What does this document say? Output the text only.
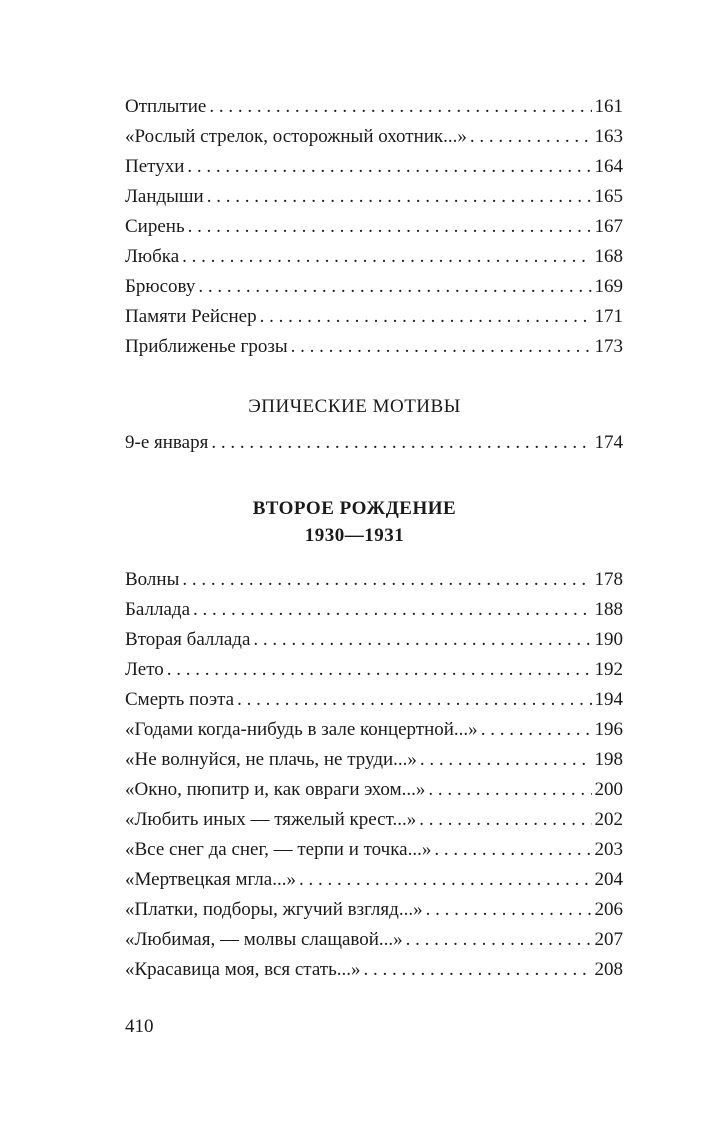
Отплытие . . .	161
«Рослый стрелок, осторожный охотник...» . . .	163
Петухи . . .	164
Ландыши . . .	165
Сирень . . .	167
Любка . . .	168
Брюсову . . .	169
Памяти Рейснер . . .	171
Приближенье грозы . . .	173
ЭПИЧЕСКИЕ МОТИВЫ
9-е января . . .	174
ВТОРОЕ РОЖДЕНИЕ
1930—1931
Волны . . .	178
Баллада . . .	188
Вторая баллада . . .	190
Лето . . .	192
Смерть поэта . . .	194
«Годами когда-нибудь в зале концертной...» . . .	196
«Не волнуйся, не плачь, не труди...» . . .	198
«Окно, пюпитр и, как овраги эхом...» . . .	200
«Любить иных — тяжелый крест...» . . .	202
«Все снег да снег, — терпи и точка...» . . .	203
«Мертвецкая мгла...» . . .	204
«Платки, подборы, жгучий взгляд...» . . .	206
«Любимая, — молвы слащавой...» . . .	207
«Красавица моя, вся стать...» . . .	208
410
